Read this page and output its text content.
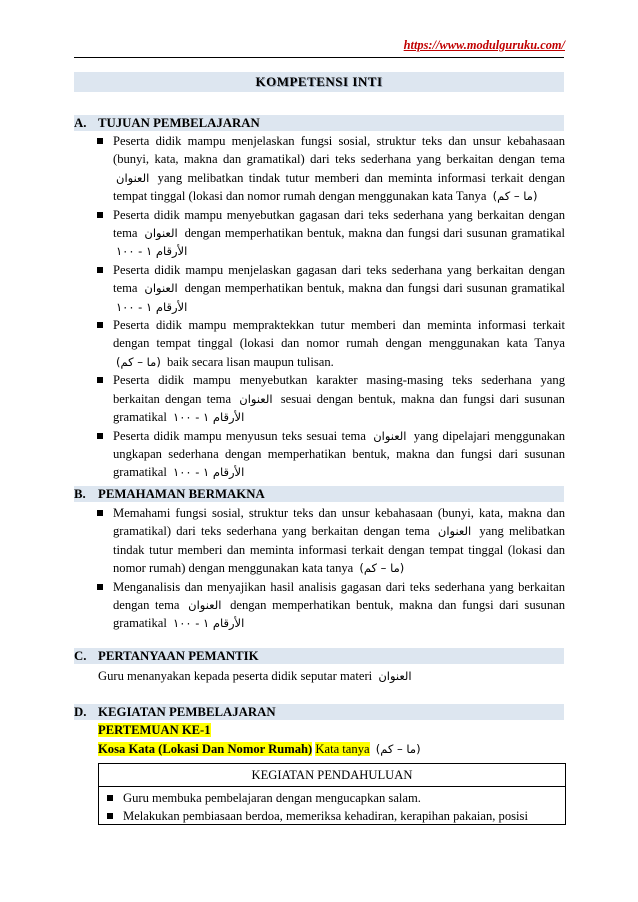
https://www.modulguruku.com/
KOMPETENSI INTI
A. TUJUAN PEMBELAJARAN
Peserta didik mampu menjelaskan fungsi sosial, struktur teks dan unsur kebahasaan (bunyi, kata, makna dan gramatikal) dari teks sederhana yang berkaitan dengan tema العنوان yang melibatkan tindak tutur memberi dan meminta informasi terkait dengan tempat tinggal (lokasi dan nomor rumah dengan menggunakan kata Tanya (ما – كم)
Peserta didik mampu menyebutkan gagasan dari teks sederhana yang berkaitan dengan tema العنوان dengan memperhatikan bentuk, makna dan fungsi dari susunan gramatikal الأرقام ١ - ١٠٠
Peserta didik mampu menjelaskan gagasan dari teks sederhana yang berkaitan dengan tema العنوان dengan memperhatikan bentuk, makna dan fungsi dari susunan gramatikal الأرقام ١ - ١٠٠
Peserta didik mampu mempraktekkan tutur memberi dan meminta informasi terkait dengan tempat tinggal (lokasi dan nomor rumah dengan menggunakan kata Tanya (ما – كم) baik secara lisan maupun tulisan.
Peserta didik mampu menyebutkan karakter masing-masing teks sederhana yang berkaitan dengan tema العنوان sesuai dengan bentuk, makna dan fungsi dari susunan gramatikal الأرقام ١ - ١٠٠
Peserta didik mampu menyusun teks sesuai tema العنوان yang dipelajari menggunakan ungkapan sederhana dengan memperhatikan bentuk, makna dan fungsi dari susunan gramatikal الأرقام ١ - ١٠٠
B. PEMAHAMAN BERMAKNA
Memahami fungsi sosial, struktur teks dan unsur kebahasaan (bunyi, kata, makna dan gramatikal) dari teks sederhana yang berkaitan dengan tema العنوان yang melibatkan tindak tutur memberi dan meminta informasi terkait dengan tempat tinggal (lokasi dan nomor rumah) dengan menggunakan kata tanya (ما – كم)
Menganalisis dan menyajikan hasil analisis gagasan dari teks sederhana yang berkaitan dengan tema العنوان dengan memperhatikan bentuk, makna dan fungsi dari susunan gramatikal الأرقام ١ - ١٠٠
C. PERTANYAAN PEMANTIK
Guru menanyakan kepada peserta didik seputar materi العنوان
D. KEGIATAN PEMBELAJARAN
PERTEMUAN KE-1
Kosa Kata (Lokasi Dan Nomor Rumah) Kata tanya (ما – كم)
KEGIATAN PENDAHULUAN
Guru membuka pembelajaran dengan mengucapkan salam.
Melakukan pembiasaan berdoa, memeriksa kehadiran, kerapihan pakaian, posisi
